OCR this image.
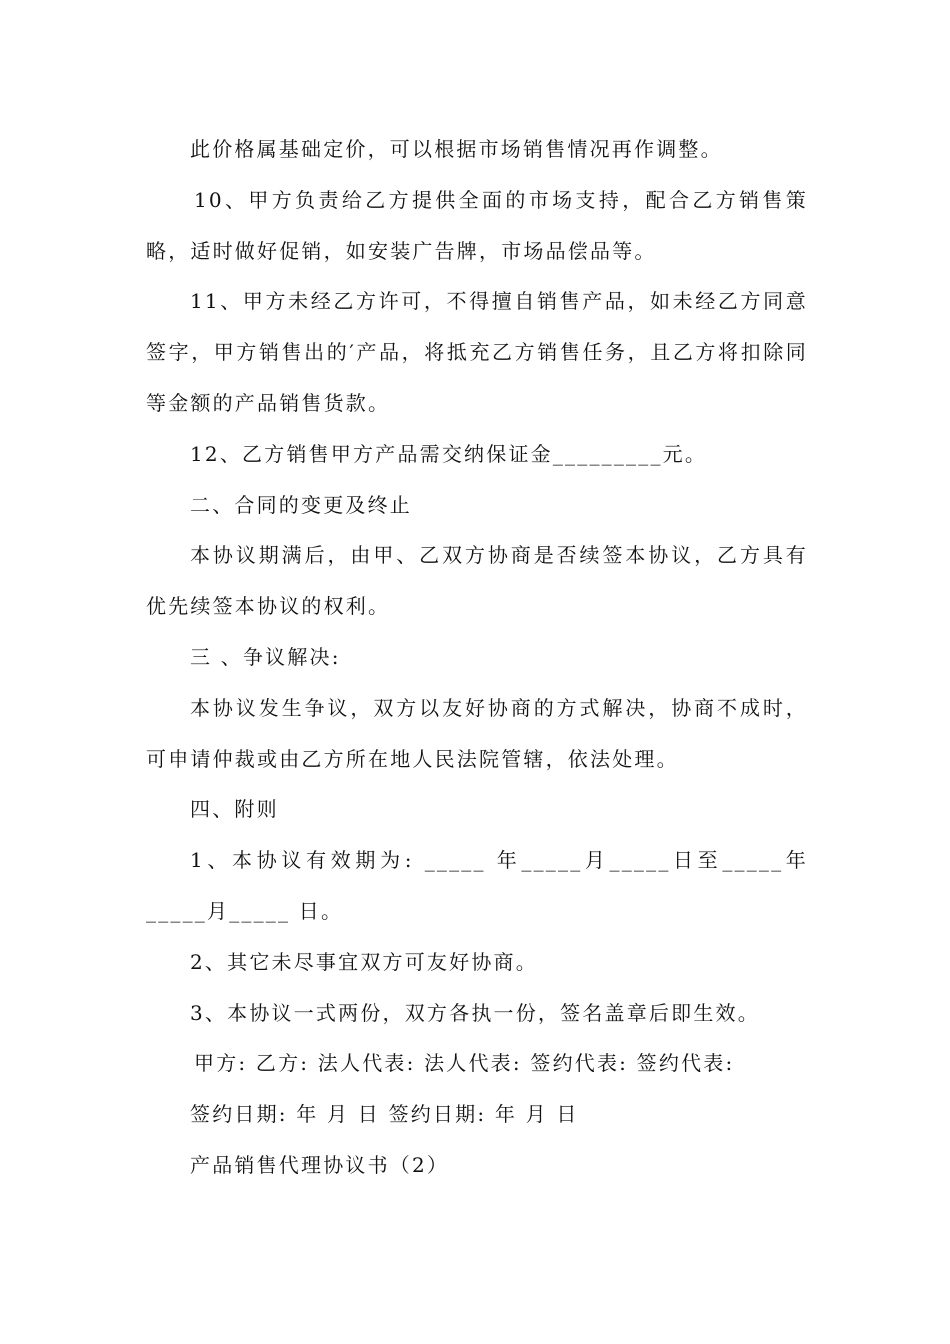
此价格属基础定价，可以根据市场销售情况再作调整。

10、甲方负责给乙方提供全面的市场支持，配合乙方销售策略，适时做好促销，如安装广告牌，市场品偿品等。

11、甲方未经乙方许可，不得擅自销售产品，如未经乙方同意签字，甲方销售出的′产品，将抵充乙方销售任务，且乙方将扣除同等金额的产品销售货款。

12、乙方销售甲方产品需交纳保证金_________元。

二、合同的变更及终止

本协议期满后，由甲、乙双方协商是否续签本协议，乙方具有优先续签本协议的权利。

三 、争议解决:

本协议发生争议，双方以友好协商的方式解决，协商不成时，可申请仲裁或由乙方所在地人民法院管辖，依法处理。

四、附则

1、本协议有效期为: _____ 年_____月_____日至_____年_____月_____ 日。

2、其它未尽事宜双方可友好协商。

3、本协议一式两份，双方各执一份，签名盖章后即生效。

甲方: 乙方: 法人代表: 法人代表: 签约代表: 签约代表:

签约日期: 年 月 日 签约日期: 年 月 日

产品销售代理协议书（2）
